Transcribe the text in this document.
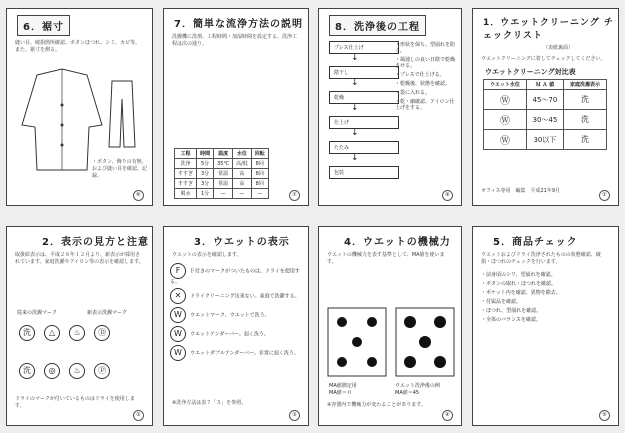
6．裾寸
縫い目、破損箇所確認、ボタンほつれ、シミ、カビ等。また、裾寸を測る。
・ボタン、飾りの有無、および縫い目を確認、記録。
⑥
7．簡単な流浄方法の説明
洗濯機に洗剤、工程時間・加湿時間を設定する。洗浄工程は次の通り。
工程	時間	温度	水位	回転
洗浄	5分	35℃	高/低	8回
すすぎ	3分	常温	高	8回
すすぎ	3分	常温	高	8回
脱水	1分	—	—	—	⑦
8．洗浄後の工程
プレス仕上げ
↓
陰干し
↓
乾燥
↓
仕上げ
↓
たたみ
↓
包装
・形状を保ち、型崩れを防ぐ。
・風通しの良い日陰で乾燥させる。
・プレスで仕上げる。
・乾燥後、状態を確認。
・袋に入れる。
・乾・縮確認、アイロン仕上げをする。
⑧
1．ウエットクリーニング チェックリスト
（表紙裏面）
ウエットクリーニングに着してチェックしてください。
ウエットクリーニング対比表
ウエット水位	Ｍ Ａ 値	家庭洗濯表示
Ⓦ	45〜70	洗
Ⓦ	30〜45	洗
Ⓦ	30以下	洗
オフィス専用　編集　平成21年9月
①
2．表示の見方と注意
取扱絵表示は、平成２８年１２月より、新表示が採用されています。家庭洗濯やアイロン等の表示を確認します。
従来の洗濯マーク	新表示洗濯マーク
洗 △ ♨ Ⓓ

洗 ◎ ♨ Ⓟ
ドライのマークが付いているものはドライを使用します。
②
3．ウエットの表示
ウエットの表示を確認します。
F Ｆ付きのマークがついたものは、ドライを使用する。
✕ ドライクリーニング出来ない。家庭で洗濯する。
W ウエットマーク。ウエットで洗う。
W ウエットアンダーバー。弱く洗う。
W ウエットダブルアンダーバー。非常に弱く洗う。
※洗浄方法は表７「５」を参照。
③
4．ウエットの機械力
ウエットの機械力を表す基準として、MA値を使います。
MA値測定用
MA値＝０
ウエット洗浄後の例
MA値＝45
※容器内で機械力が変わることがあります。
④
5．商品チェック
ウエットおよびドライ洗浄されたものの状態確認、破損・ほつれのチェックを行います。
・前身頃のシワ、型崩れを確認。
・ボタンの取れ・ほつれを確認。
・ポケット内を確認、異物を除去。
・付属品を確認。
・ほつれ、型崩れを確認。
・全体のバランスを確認。
⑤
